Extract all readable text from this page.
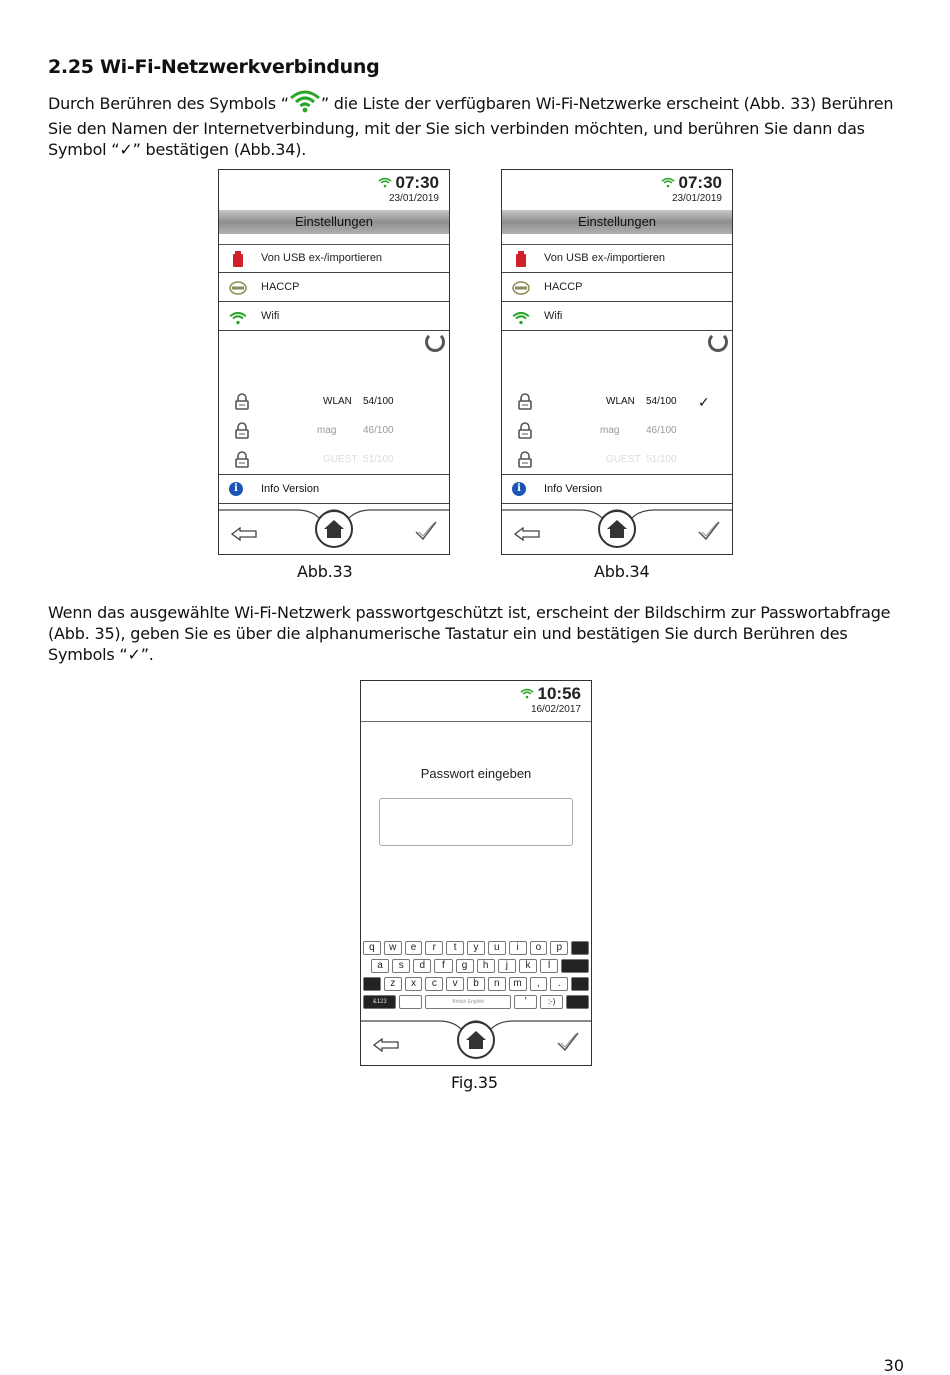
2.25 Wi-Fi-Netzwerkverbindung

Durch Berühren des Symbols “ ” die Liste der verfügbaren Wi-Fi-Netzwerke erscheint (Abb. 33) Berühren Sie den Namen der Internetverbindung, mit der Sie sich verbinden möchten, und berühren Sie dann das Symbol “✓” bestätigen (Abb.34).

07:30
23/01/2019
Einstellungen
Von USB ex-/importieren
HACCP
Wifi
WLAN 54/100
mag	46/100
GUEST 51/100
i	Info Version
07:30
23/01/2019
Einstellungen
Von USB ex-/importieren
HACCP
Wifi
WLAN 54/100 ✓
mag	46/100
GUEST 51/100
i	Info Version
Abb.33	Abb.34

Wenn das ausgewählte Wi-Fi-Netzwerk passwortgeschützt ist, erscheint der Bildschirm zur Passwortabfrage (Abb. 35), geben Sie es über die alphanumerische Tastatur ein und bestätigen Sie durch Berühren des Symbols “✓”.

10:56
16/02/2017
Passwort eingeben
q	w	e	r	t	y	u	i	o	p
a	s	d	f	g	h	j	k	l
z	x	c	v	b	n	m	,	.
&123	British English	'	:-)
Fig.35
30
